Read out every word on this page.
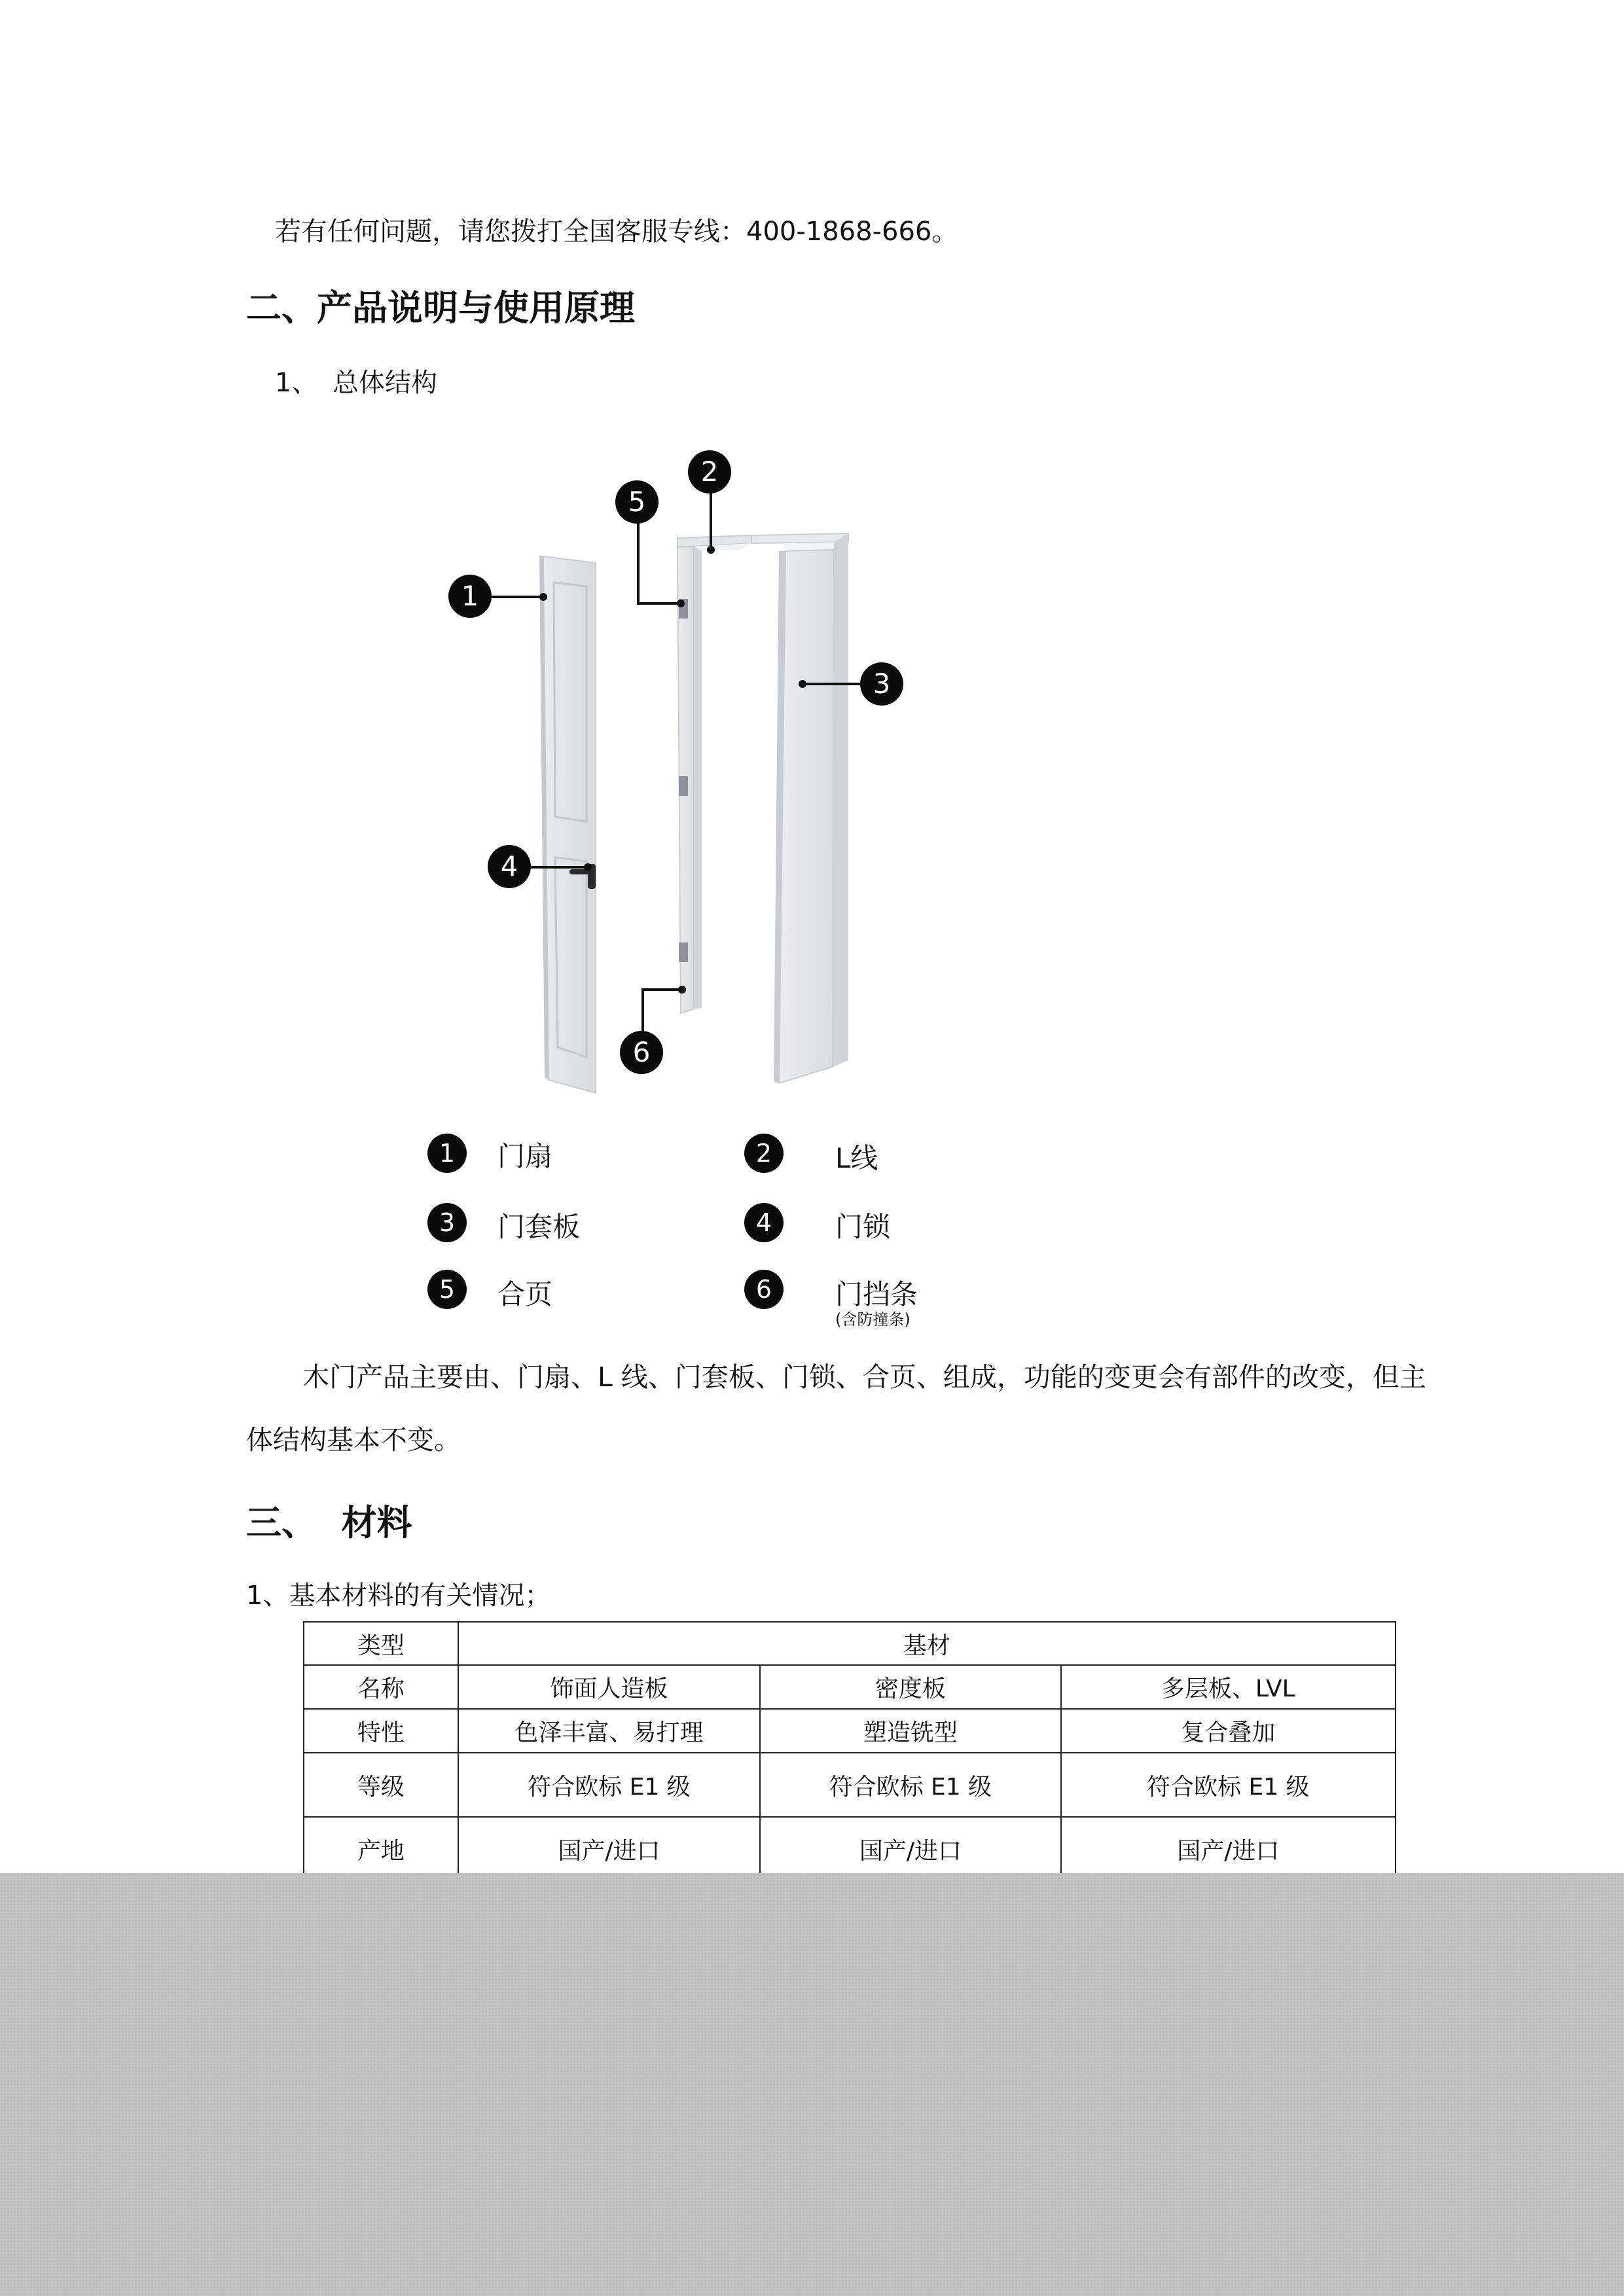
若有任何问题，请您拨打全国客服专线：400-1868-666。
二、产品说明与使用原理
1、 总体结构
1
2
3
4
5
6
1	门扇	2	L线
3	门套板	4	门锁
5	合页	6	门挡条
(含防撞条)
木门产品主要由、门扇、L 线、门套板、门锁、合页、组成，功能的变更会有部件的改变，但主
体结构基本不变。
三、  材料
1、基本材料的有关情况；
类型	基材		
名称	饰面人造板	密度板	多层板、LVL
特性	色泽丰富、易打理	塑造铣型	复合叠加
等级	符合欧标 E1 级	符合欧标 E1 级	符合欧标 E1 级
产地	国产/进口	国产/进口	国产/进口
